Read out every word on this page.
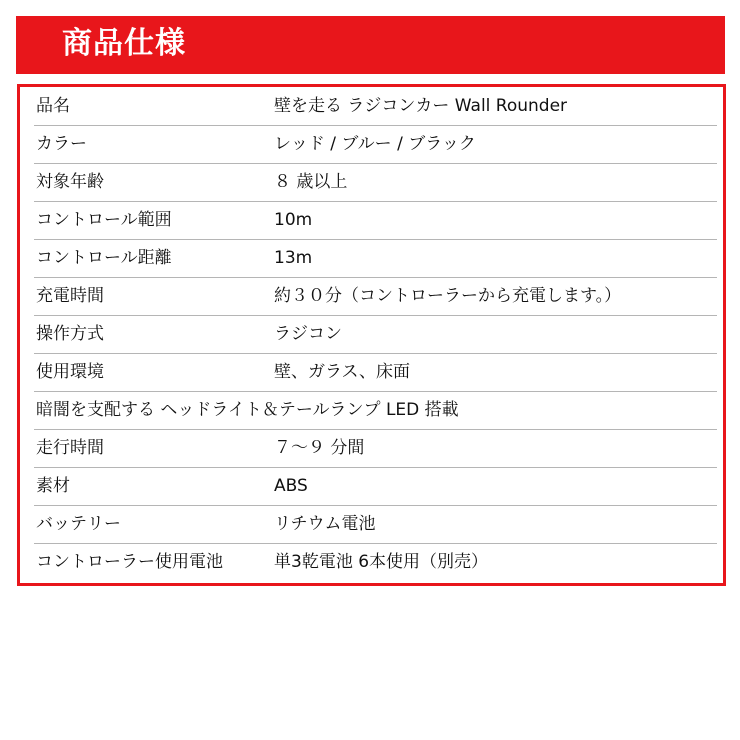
商品仕様
品名	壁を走る ラジコンカー Wall Rounder
カラー	レッド / ブルー / ブラック
対象年齢	８ 歳以上
コントロール範囲	10m
コントロール距離	13m
充電時間	約３０分（コントローラーから充電します。）
操作方式	ラジコン
使用環境	壁、ガラス、床面
暗闇を支配する ヘッドライト＆テールランプ LED 搭載
走行時間	７～９ 分間
素材	ABS
バッテリー	リチウム電池
コントローラー使用電池	単3乾電池 6本使用（別売）
